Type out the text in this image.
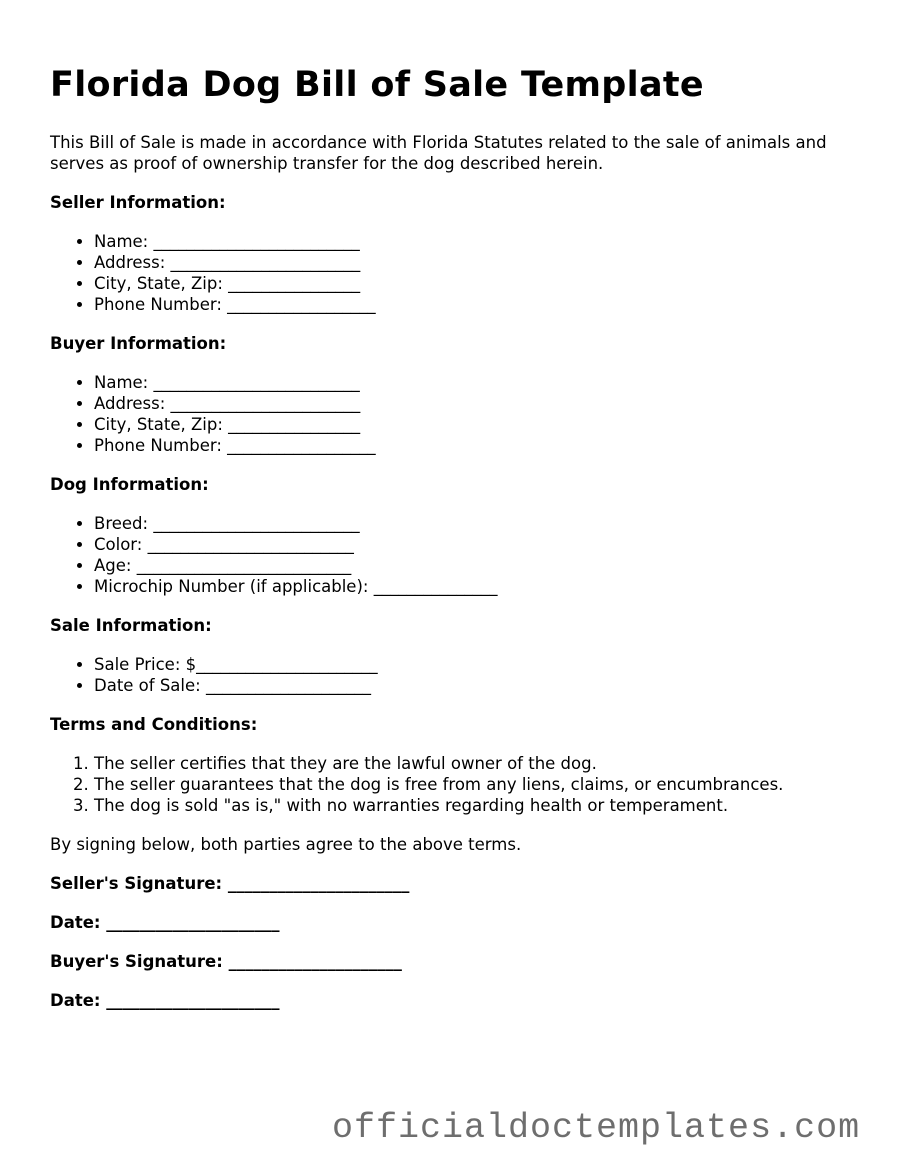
Florida Dog Bill of Sale Template

This Bill of Sale is made in accordance with Florida Statutes related to the sale of animals and serves as proof of ownership transfer for the dog described herein.

Seller Information:
• Name: _________________________
• Address: _______________________
• City, State, Zip: ________________
• Phone Number: __________________
Buyer Information:
• Name: _________________________
• Address: _______________________
• City, State, Zip: ________________
• Phone Number: __________________
Dog Information:
• Breed: _________________________
• Color: _________________________
• Age: __________________________
• Microchip Number (if applicable): _______________
Sale Information:
• Sale Price: $______________________
• Date of Sale: ____________________
Terms and Conditions:
1. The seller certifies that they are the lawful owner of the dog.
2. The seller guarantees that the dog is free from any liens, claims, or encumbrances.
3. The dog is sold "as is," with no warranties regarding health or temperament.

By signing below, both parties agree to the above terms.

Seller's Signature: ______________________
Date: _____________________
Buyer's Signature: _____________________
Date: _____________________
officialdoctemplates.com
